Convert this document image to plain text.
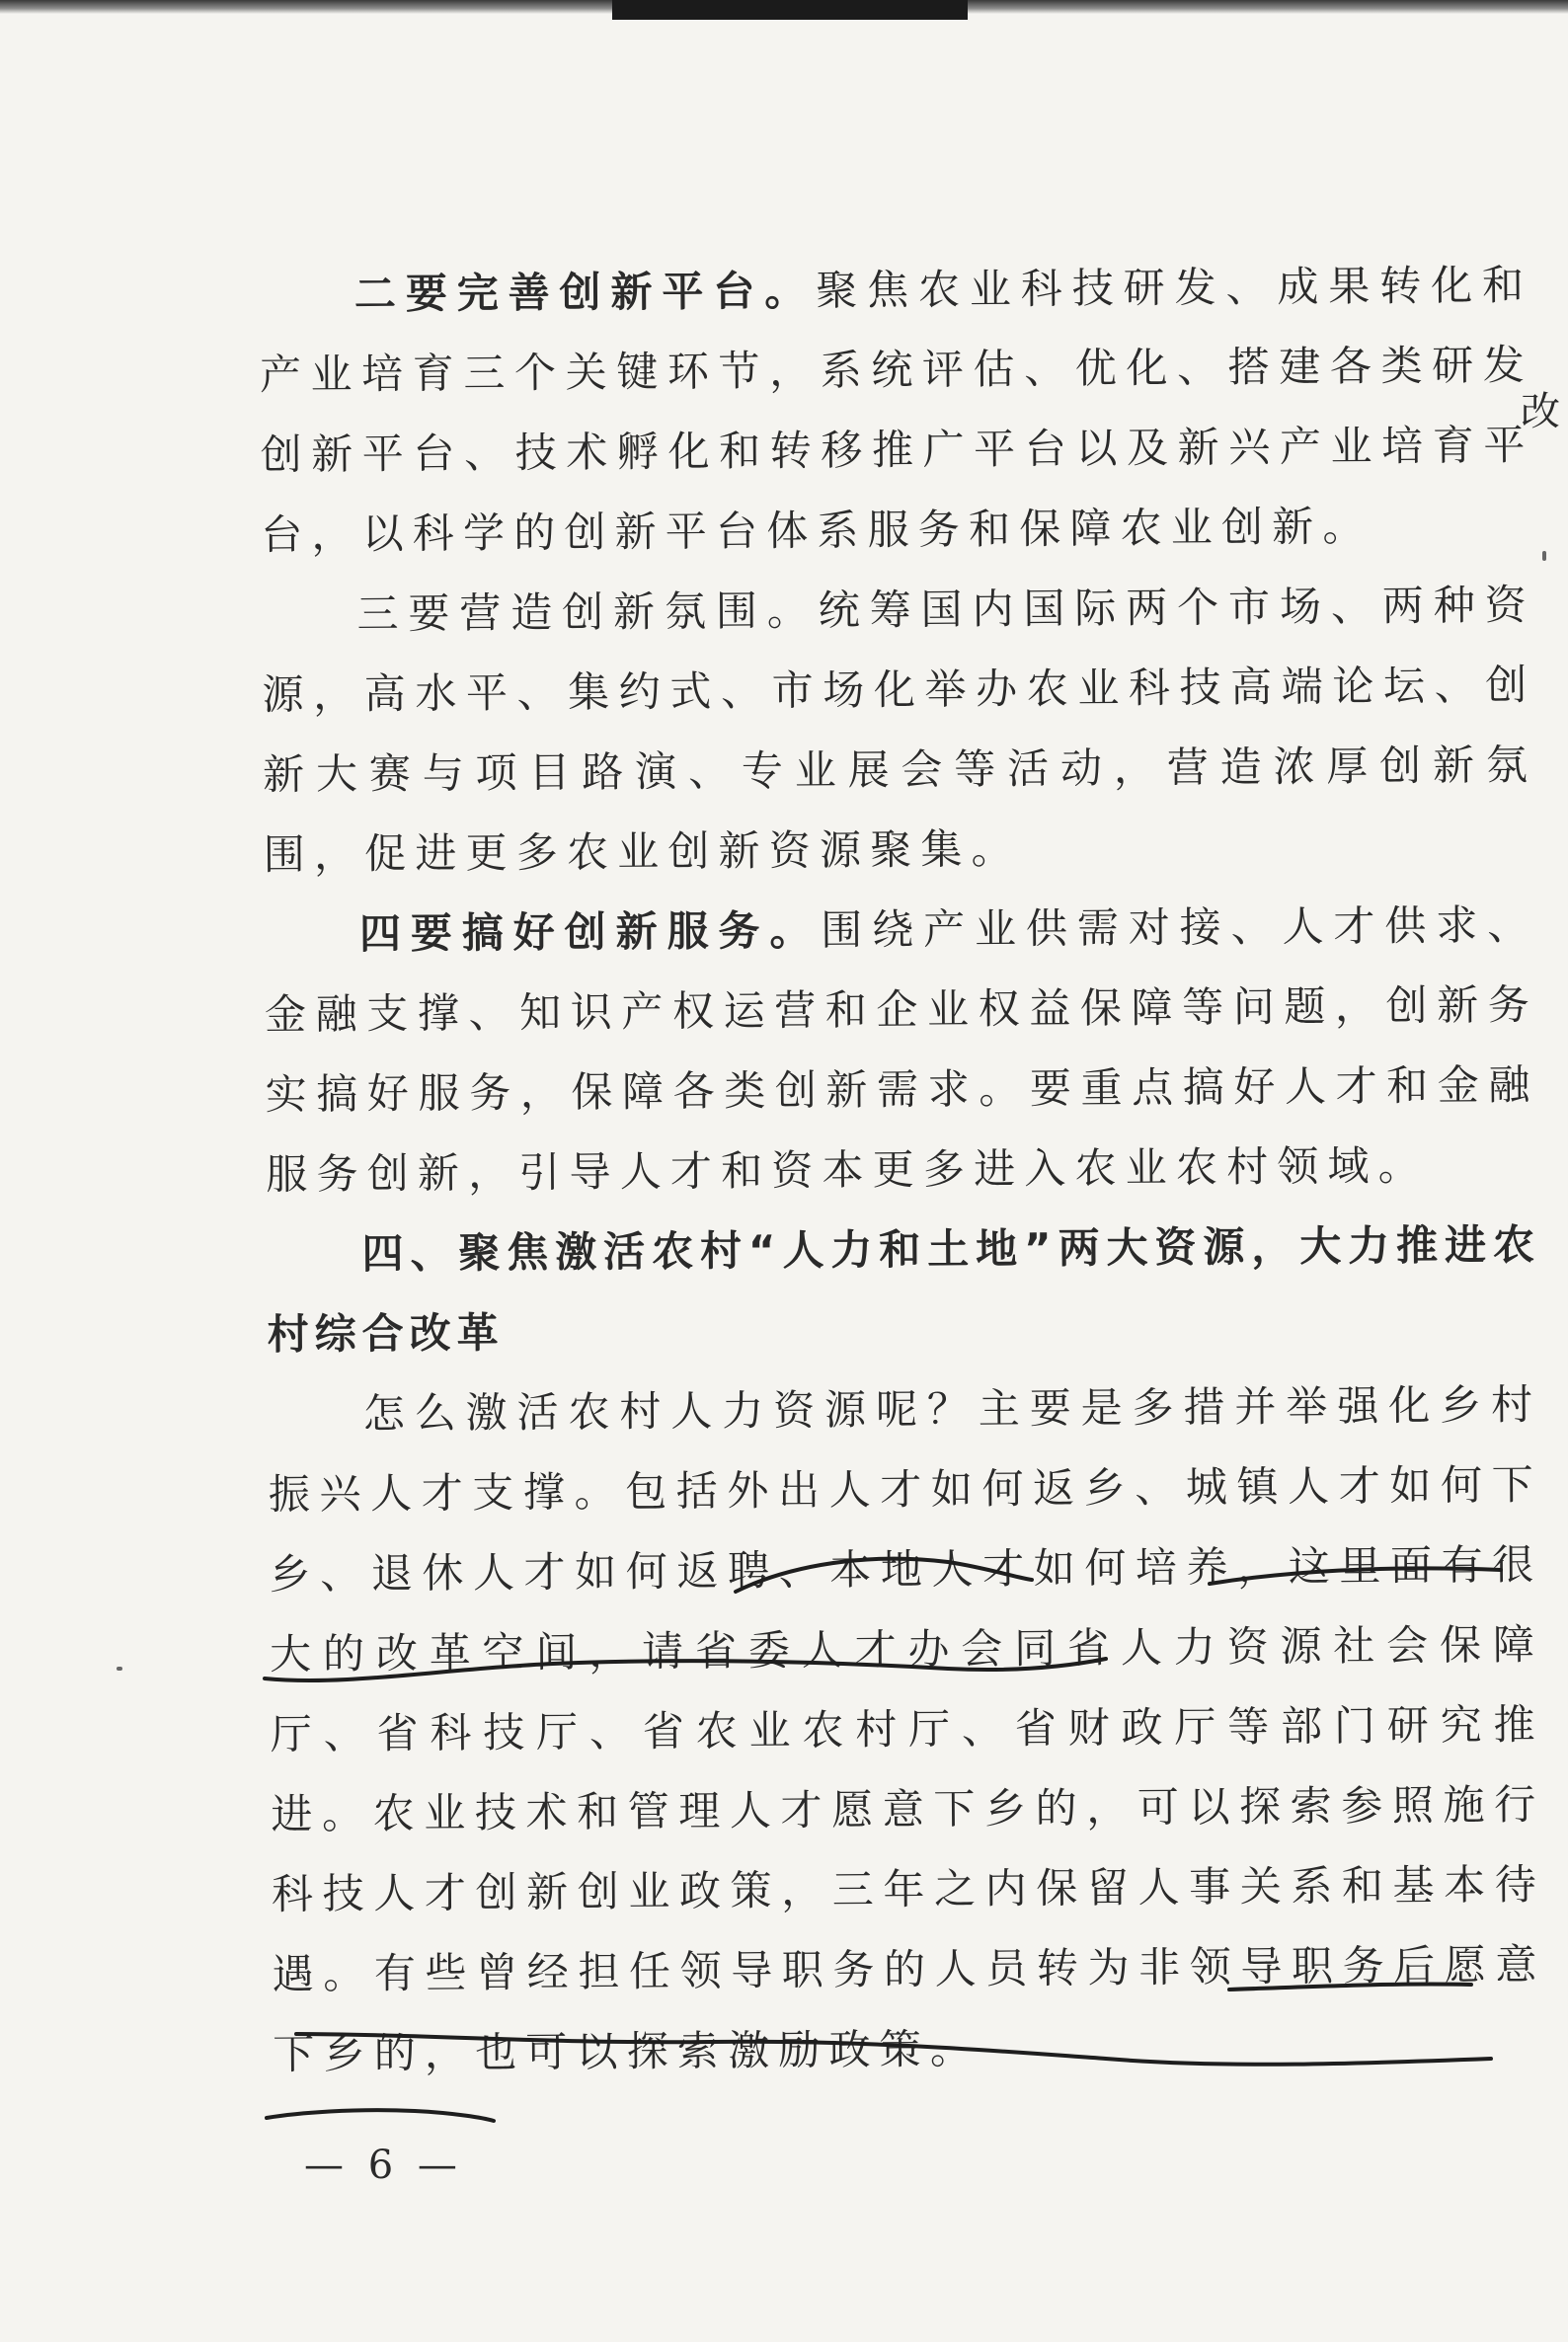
改

二要完善创新平台。聚焦农业科技研发、成果转化和产业培育三个关键环节，系统评估、优化、搭建各类研发创新平台、技术孵化和转移推广平台以及新兴产业培育平台，以科学的创新平台体系服务和保障农业创新。

三要营造创新氛围。统筹国内国际两个市场、两种资源，高水平、集约式、市场化举办农业科技高端论坛、创新大赛与项目路演、专业展会等活动，营造浓厚创新氛围，促进更多农业创新资源聚集。

四要搞好创新服务。围绕产业供需对接、人才供求、金融支撑、知识产权运营和企业权益保障等问题，创新务实搞好服务，保障各类创新需求。要重点搞好人才和金融服务创新，引导人才和资本更多进入农业农村领域。

四、聚焦激活农村“人力和土地”两大资源，大力推进农村综合改革

怎么激活农村人力资源呢？主要是多措并举强化乡村振兴人才支撑。包括外出人才如何返乡、城镇人才如何下乡、退休人才如何返聘、本地人才如何培养，这里面有很大的改革空间，请省委人才办会同省人力资源社会保障厅、省科技厅、省农业农村厅、省财政厅等部门研究推进。农业技术和管理人才愿意下乡的，可以探索参照施行科技人才创新创业政策，三年之内保留人事关系和基本待遇。有些曾经担任领导职务的人员转为非领导职务后愿意下乡的，也可以探索激励政策。

— 6 —
